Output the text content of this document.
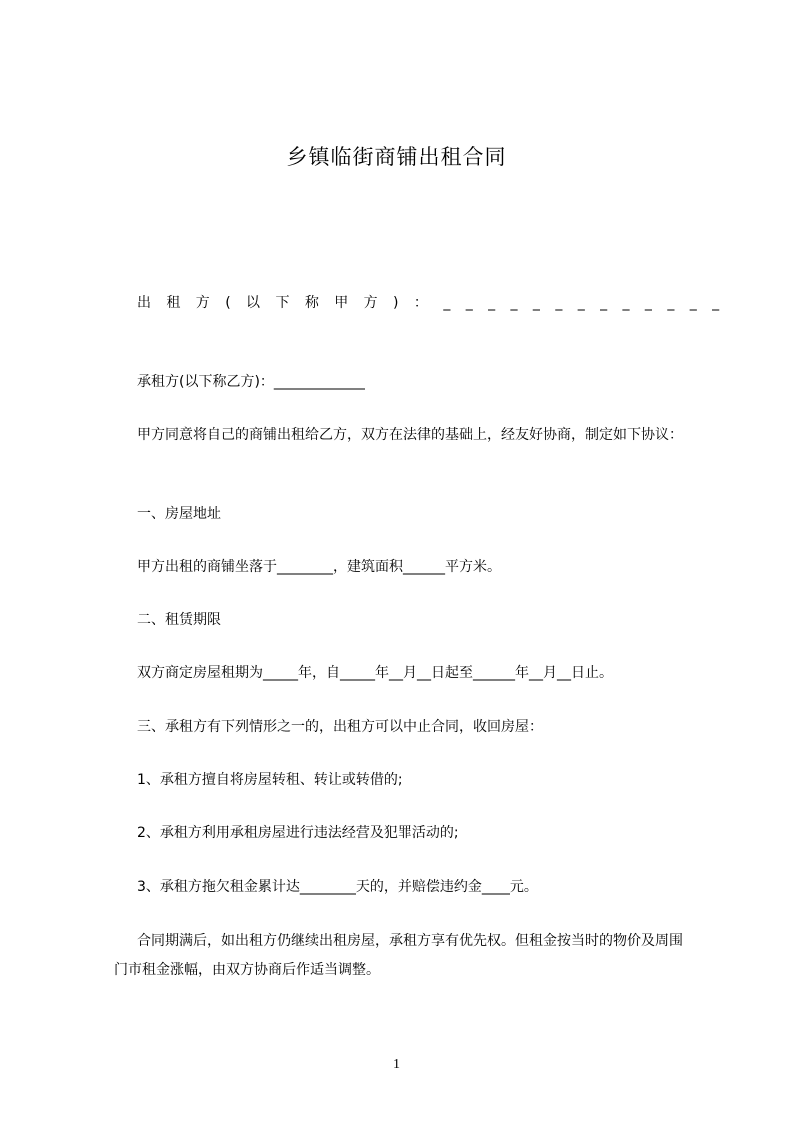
乡镇临街商铺出租合同
出租方(以下称甲方)：_____________
承租方(以下称乙方)：_____________
甲方同意将自己的商铺出租给乙方，双方在法律的基础上，经友好协商，制定如下协议：
一、房屋地址
甲方出租的商铺坐落于________，建筑面积______平方米。
二、租赁期限
双方商定房屋租期为_____年，自_____年__月__日起至______年__月__日止。
三、承租方有下列情形之一的，出租方可以中止合同，收回房屋：
1、承租方擅自将房屋转租、转让或转借的;
2、承租方利用承租房屋进行违法经营及犯罪活动的;
3、承租方拖欠租金累计达________天的，并赔偿违约金____元。
合同期满后，如出租方仍继续出租房屋，承租方享有优先权。但租金按当时的物价及周围门市租金涨幅，由双方协商后作适当调整。
1
